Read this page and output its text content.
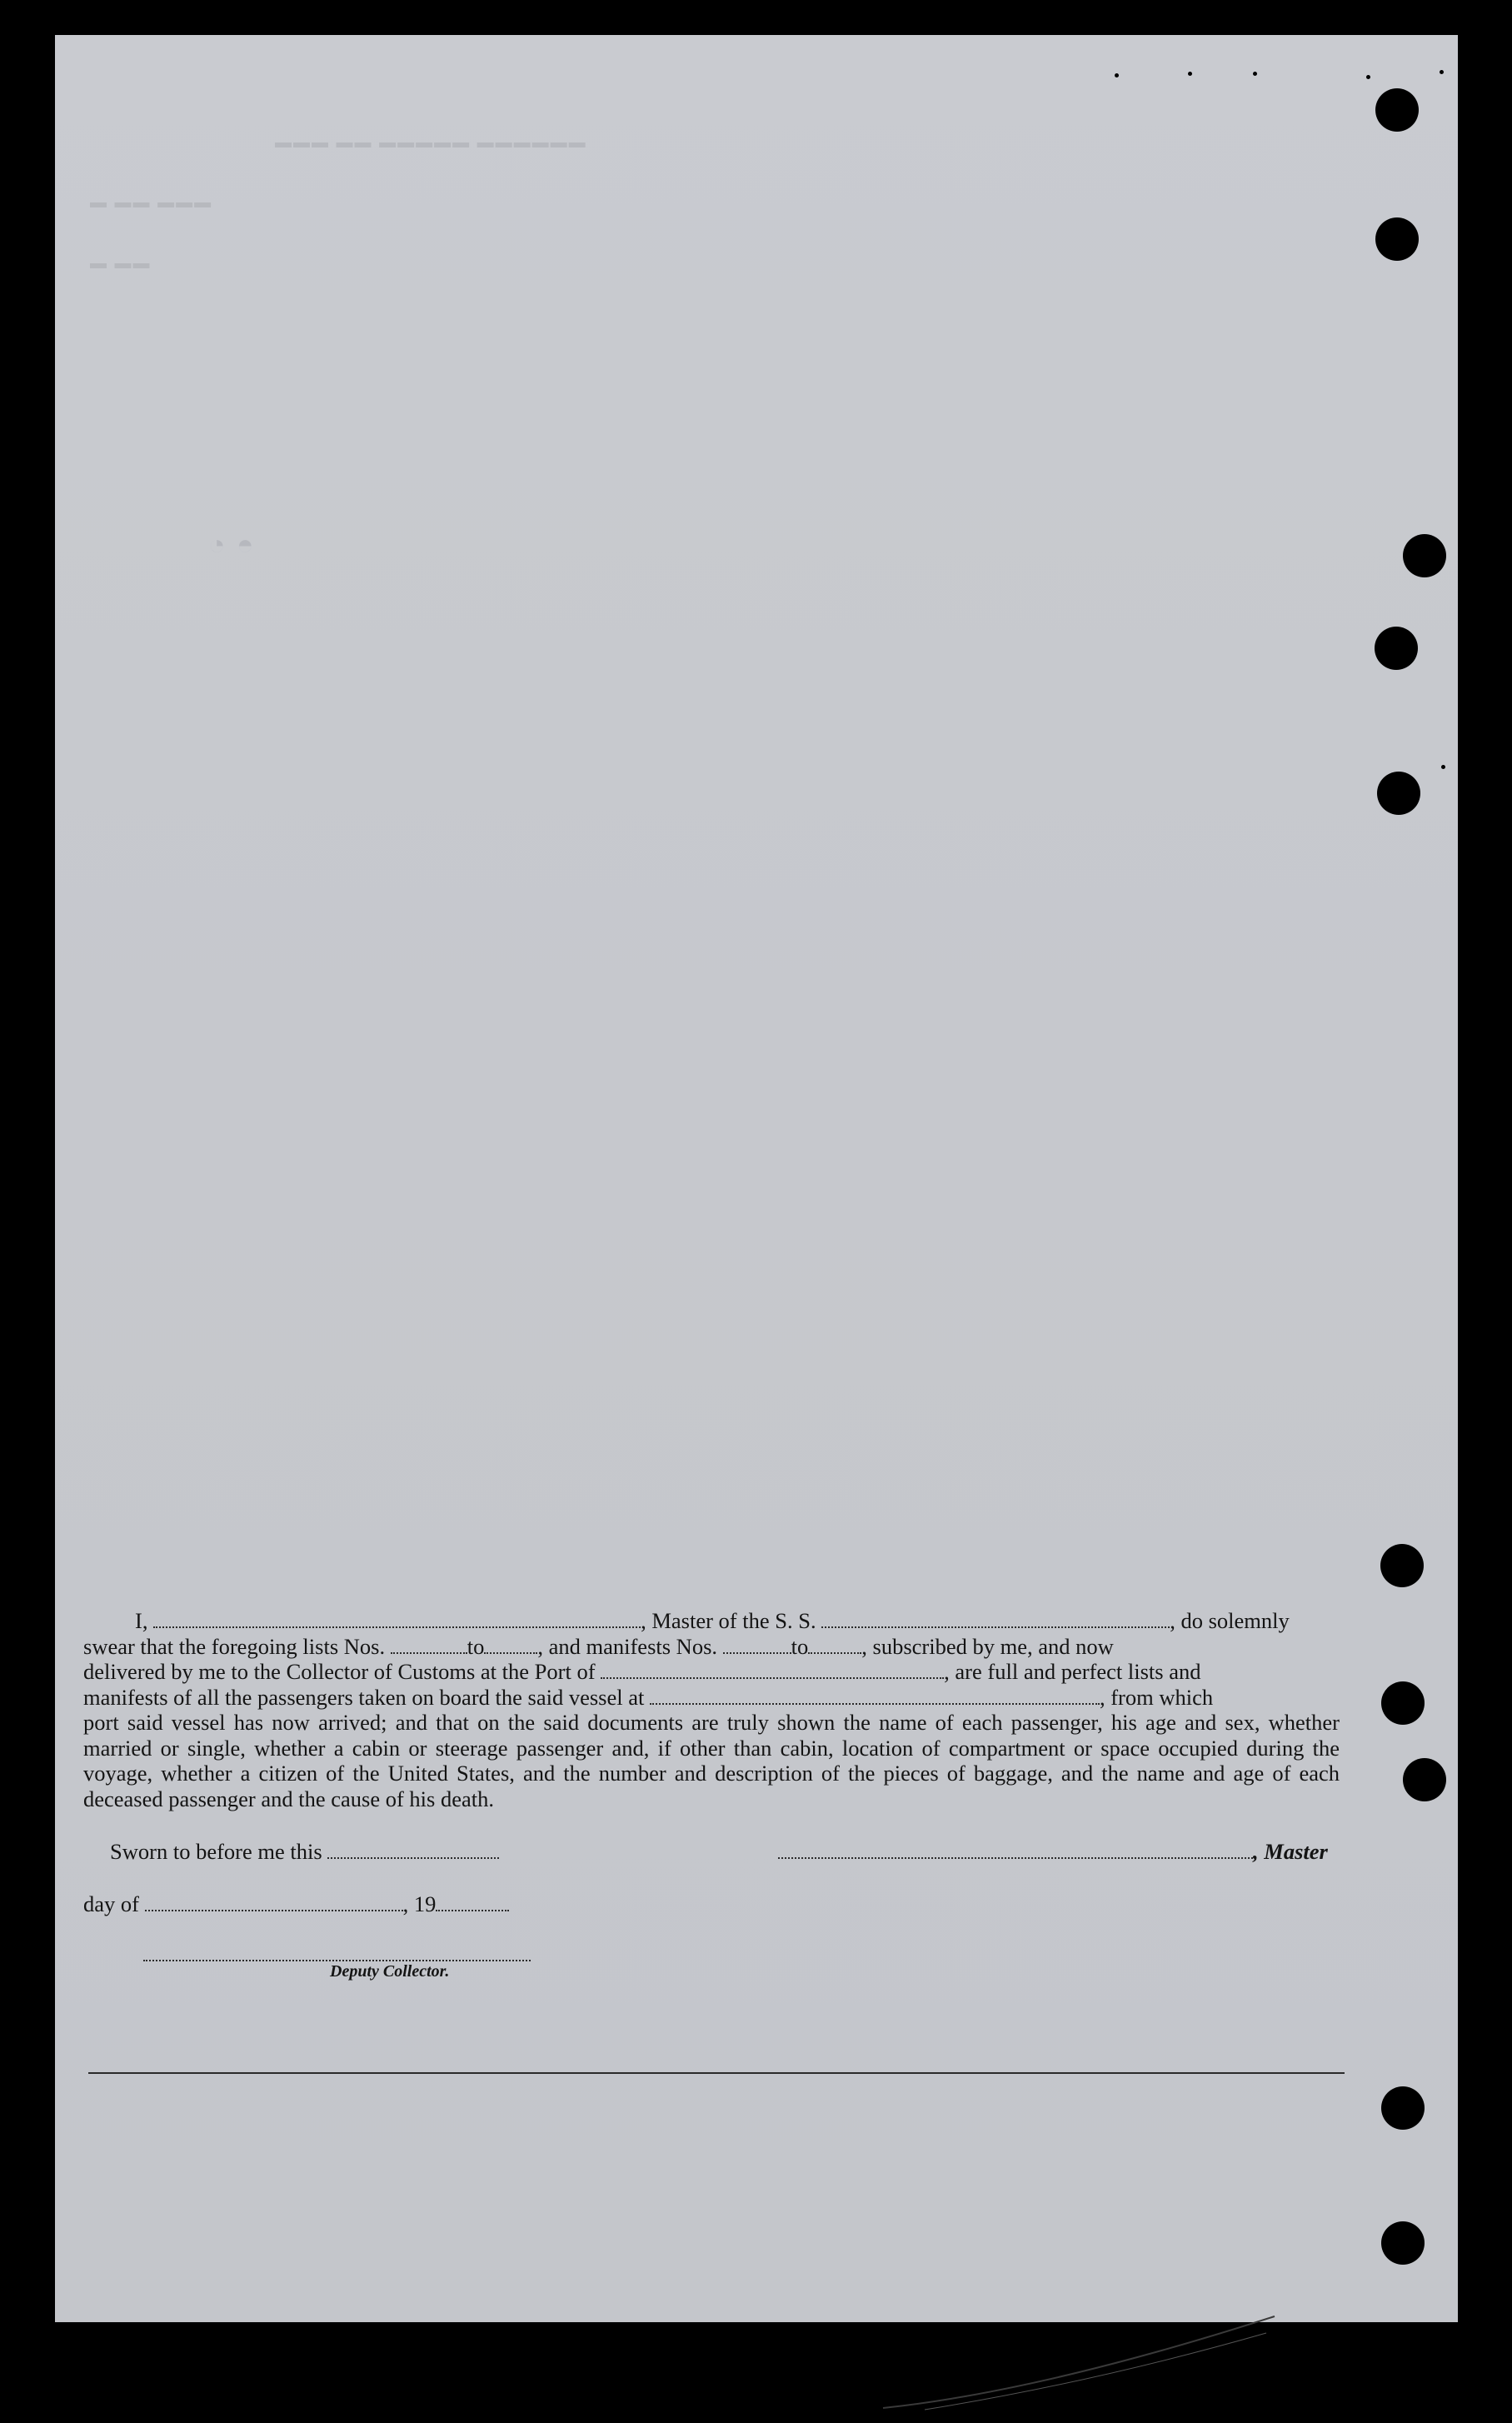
▬▬▬ ▬▬ ▬▬▬▬▬ ▬▬▬▬▬▬
▬ ▬▬ ▬▬▬
▬ ▬▬
◔ ◓

I,	, Master of the S. S.	, do solemnly

swear that the foregoing lists Nos.	to , and manifests Nos.	to , subscribed by me, and now

delivered by me to the Collector of Customs at the Port of	, are full and perfect lists and

manifests of all the passengers taken on board the said vessel at	, from which

port said vessel has now arrived; and that on the said documents are truly shown the name of each passenger, his age and sex, whether married or single, whether a cabin or steerage passenger and, if other than cabin, location of compartment or space occupied during the voyage, whether a citizen of the United States, and the number and description of the pieces of baggage, and the name and age of each deceased passenger and the cause of his death.

Sworn to before me this	, Master
day of	, 19
Deputy Collector.
